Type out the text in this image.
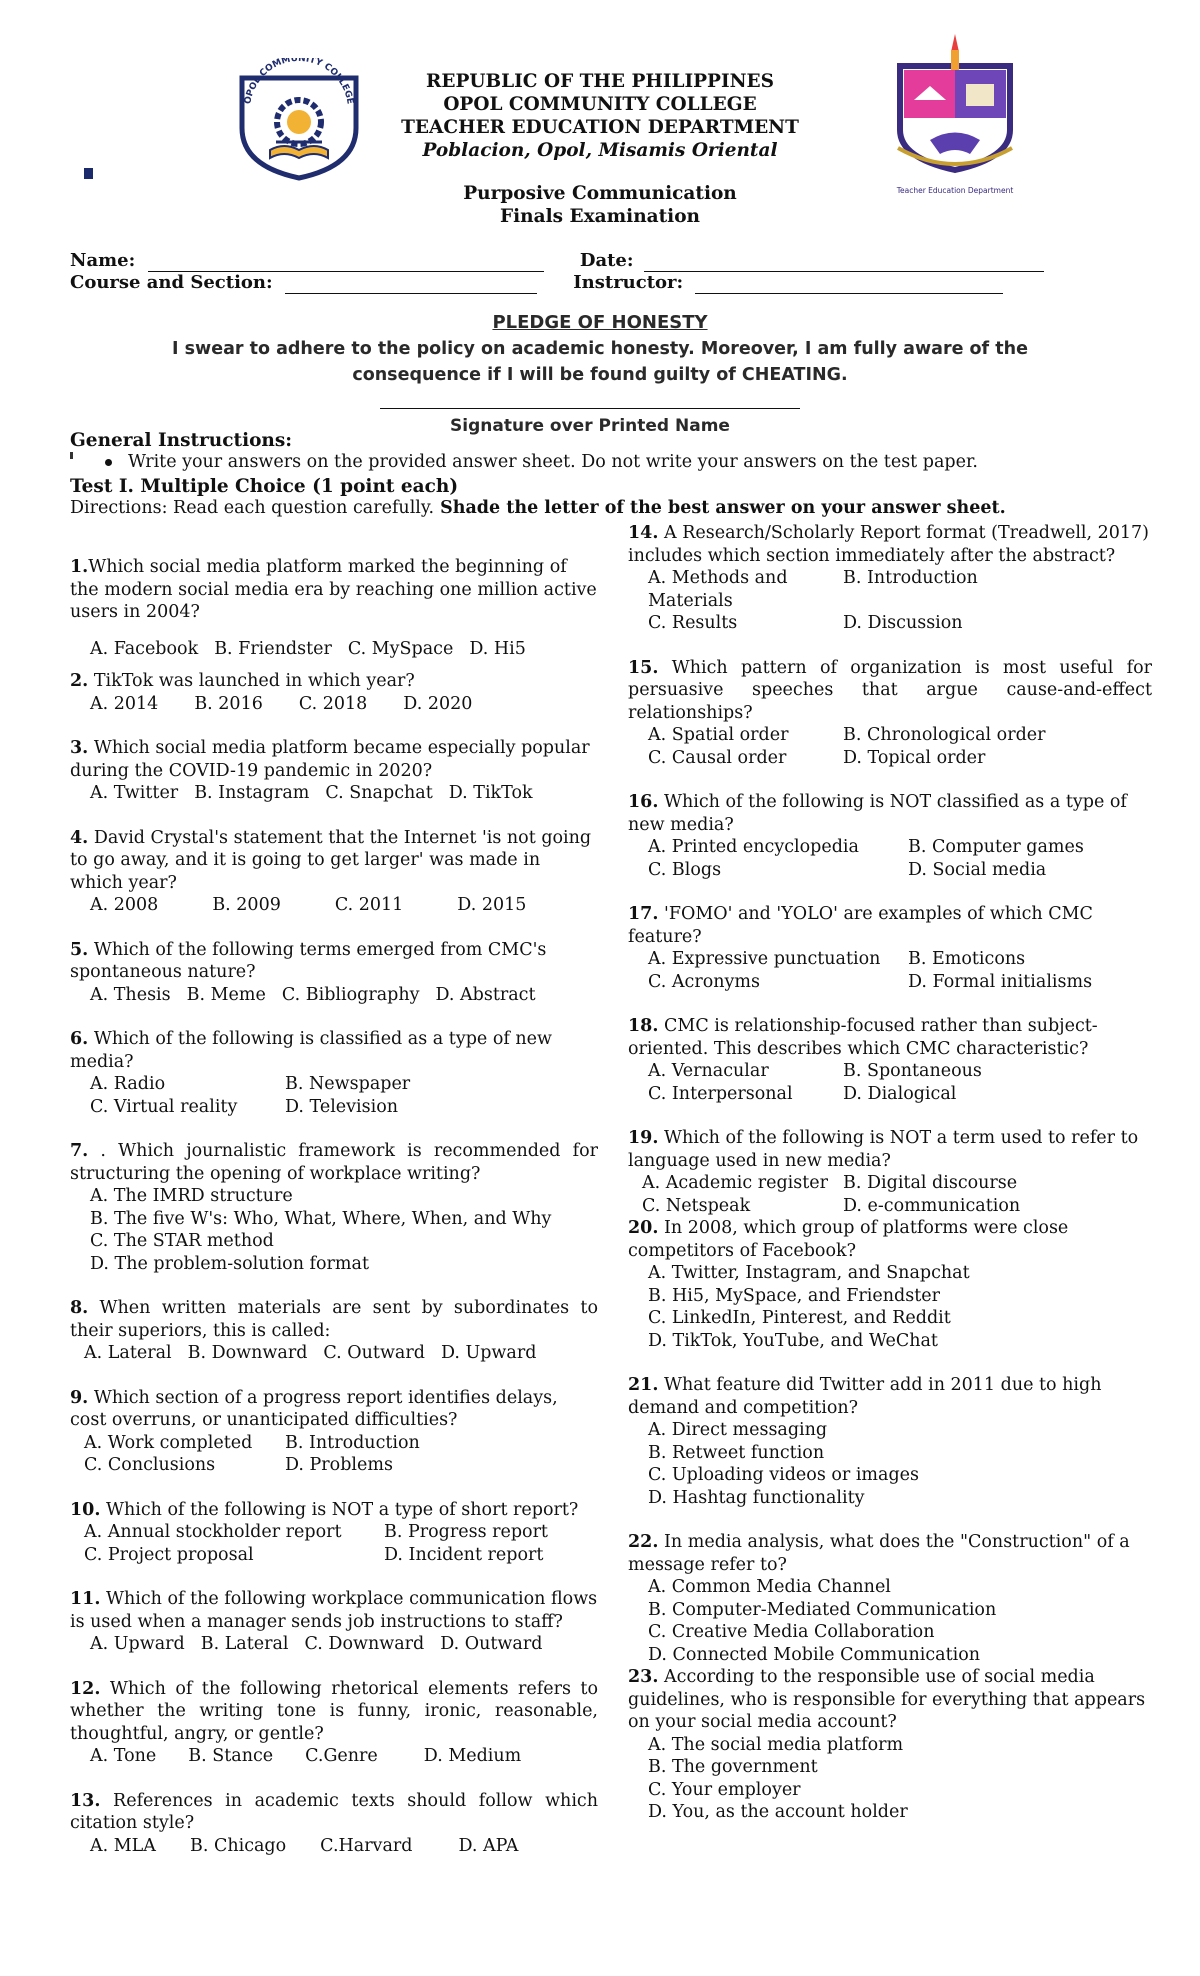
OPOL COMMUNITY COLLEGE
REPUBLIC OF THE PHILIPPINES
OPOL COMMUNITY COLLEGE
TEACHER EDUCATION DEPARTMENT
Poblacion, Opol, Misamis Oriental
Teacher Education Department
Purposive Communication
Finals Examination
Name:	Date:
Course and Section:	Instructor:
PLEDGE OF HONESTY
I swear to adhere to the policy on academic honesty. Moreover, I am fully aware of the
consequence if I will be found guilty of CHEATING.
Signature over Printed Name
General Instructions:
Write your answers on the provided answer sheet. Do not write your answers on the test paper.
Test I. Multiple Choice (1 point each)
Directions: Read each question carefully. Shade the letter of the best answer on your answer sheet.
1.Which social media platform marked the beginning of the modern social media era by reaching one million active users in 2004?
A. Facebook B. Friendster C. MySpace D. Hi5
2. TikTok was launched in which year?
A. 2014 B. 2016 C. 2018 D. 2020
3. Which social media platform became especially popular during the COVID-19 pandemic in 2020?
A. Twitter B. Instagram C. Snapchat D. TikTok
4. David Crystal's statement that the Internet 'is not going to go away, and it is going to get larger' was made in which year?
A. 2008	B. 2009	C. 2011	D. 2015
5. Which of the following terms emerged from CMC's spontaneous nature?
A. Thesis B. Meme C. Bibliography D. Abstract
6. Which of the following is classified as a type of new media?
A. Radio	B. Newspaper
C. Virtual reality	D. Television
7. . Which journalistic framework is recommended for structuring the opening of workplace writing?
A. The IMRD structure
B. The five W's: Who, What, Where, When, and Why
C. The STAR method
D. The problem-solution format
8. When written materials are sent by subordinates to their superiors, this is called:
A. Lateral B. Downward C. Outward D. Upward
9. Which section of a progress report identifies delays, cost overruns, or unanticipated difficulties?
A. Work completed	B. Introduction
C. Conclusions	D. Problems
10. Which of the following is NOT a type of short report?
A. Annual stockholder report	B. Progress report
C. Project proposal	D. Incident report
11. Which of the following workplace communication flows is used when a manager sends job instructions to staff?
A. Upward B. Lateral C. Downward D. Outward
12. Which of the following rhetorical elements refers to whether the writing tone is funny, ironic, reasonable, thoughtful, angry, or gentle?
A. Tone B. Stance C.Genre	D. Medium
13. References in academic texts should follow which citation style?
A. MLA B. Chicago C.Harvard	D. APA
14. A Research/Scholarly Report format (Treadwell, 2017) includes which section immediately after the abstract?
A. Methods and Materials
B. Introduction
C. Results	D. Discussion
15. Which pattern of organization is most useful for persuasive speeches that argue cause-and-effect relationships?
A. Spatial order	B. Chronological order
C. Causal order	D. Topical order
16. Which of the following is NOT classified as a type of new media?
A. Printed encyclopedia	B. Computer games
C. Blogs	D. Social media
17. 'FOMO' and 'YOLO' are examples of which CMC feature?
A. Expressive punctuation	B. Emoticons
C. Acronyms	D. Formal initialisms
18. CMC is relationship-focused rather than subject-oriented. This describes which CMC characteristic?
A. Vernacular	B. Spontaneous
C. Interpersonal	D. Dialogical
19. Which of the following is NOT a term used to refer to language used in new media?
A. Academic register B. Digital discourse
C. Netspeak	D. e-communication
20. In 2008, which group of platforms were close competitors of Facebook?
A. Twitter, Instagram, and Snapchat
B. Hi5, MySpace, and Friendster
C. LinkedIn, Pinterest, and Reddit
D. TikTok, YouTube, and WeChat
21. What feature did Twitter add in 2011 due to high demand and competition?
A. Direct messaging
B. Retweet function
C. Uploading videos or images
D. Hashtag functionality
22. In media analysis, what does the "Construction" of a message refer to?
A. Common Media Channel
B. Computer-Mediated Communication
C. Creative Media Collaboration
D. Connected Mobile Communication
23. According to the responsible use of social media guidelines, who is responsible for everything that appears on your social media account?
A. The social media platform
B. The government
C. Your employer
D. You, as the account holder
